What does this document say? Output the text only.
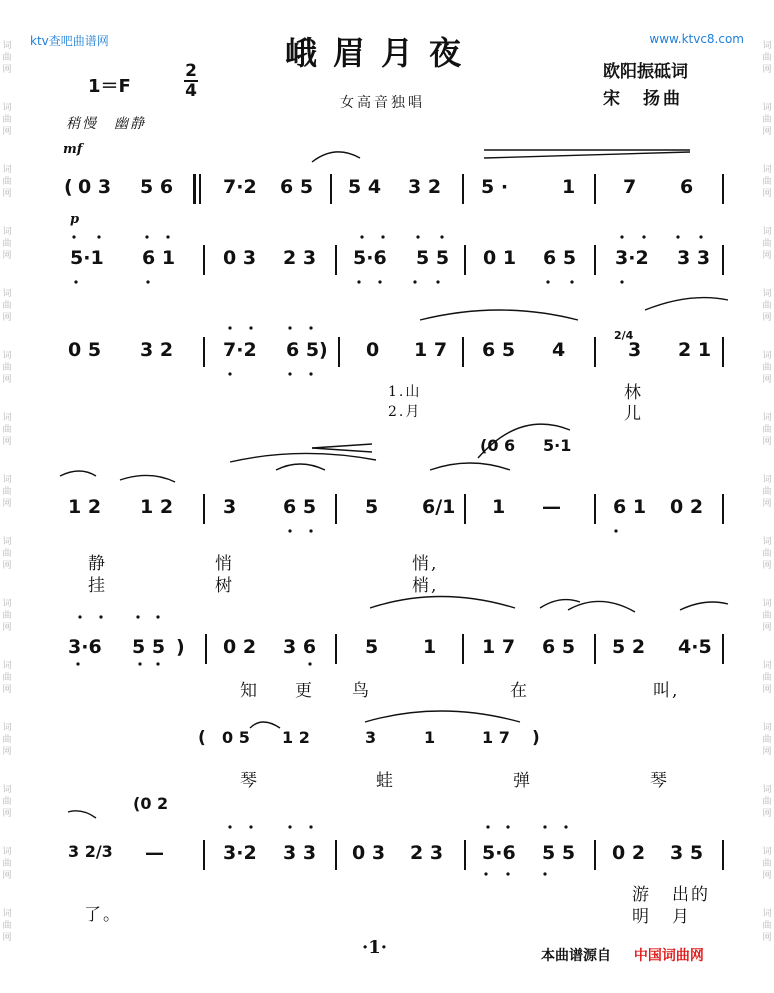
ktv查吧曲谱网	www.ktvc8.com
词
曲
网
词
曲
网
词
曲
网
词
曲
网
词
曲
网
词
曲
网
词
曲
网
词
曲
网
词
曲
网
词
曲
网
词
曲
网
词
曲
网
词
曲
网
词
曲
网
词
曲
网
词
曲
网
词
曲
网
词
曲
网
词
曲
网
词
曲
网
词
曲
网
词
曲
网
词
曲
网
词
曲
网
词
曲
网
词
曲
网
词
曲
网
词
曲
网
词
曲
网
词
曲
网
峨眉月夜	欧阳振砥词
宋　扬曲
女高音独唱
1＝F
2
4
稍慢　幽静
mf
p
( 0 3 5 6	7·2 6 5 5 4 3 2 5 ·	1	7 6
5·1 6 1	0 3 2 3 5·6 5 5 0 1 6 5 3·2 3 3
0 5 3 2	7·2 6 5) 0 1 7 6 5 4
2/4
3 2 1
1.山	林
2.月	儿
(0 6 5·1
1 2 1 2	3 6 5	5 6/1 1 —	6 1 0 2
静	悄	悄,
挂	树	梢,
3·6 5 5 ) 0 2 3 6	5 1 1 7 6 5 5 2 4·5
知 更 鸟	在	叫,
( 0 5 1 2	3	1	1 7 )
琴	蛙	弹	琴
(0 2
3 2/3 —	3·2 3 3 0 3 2 3 5·6 5 5 0 2 3 5
了。
游 出的
明 月
·1·	本曲谱源自 中国词曲网
